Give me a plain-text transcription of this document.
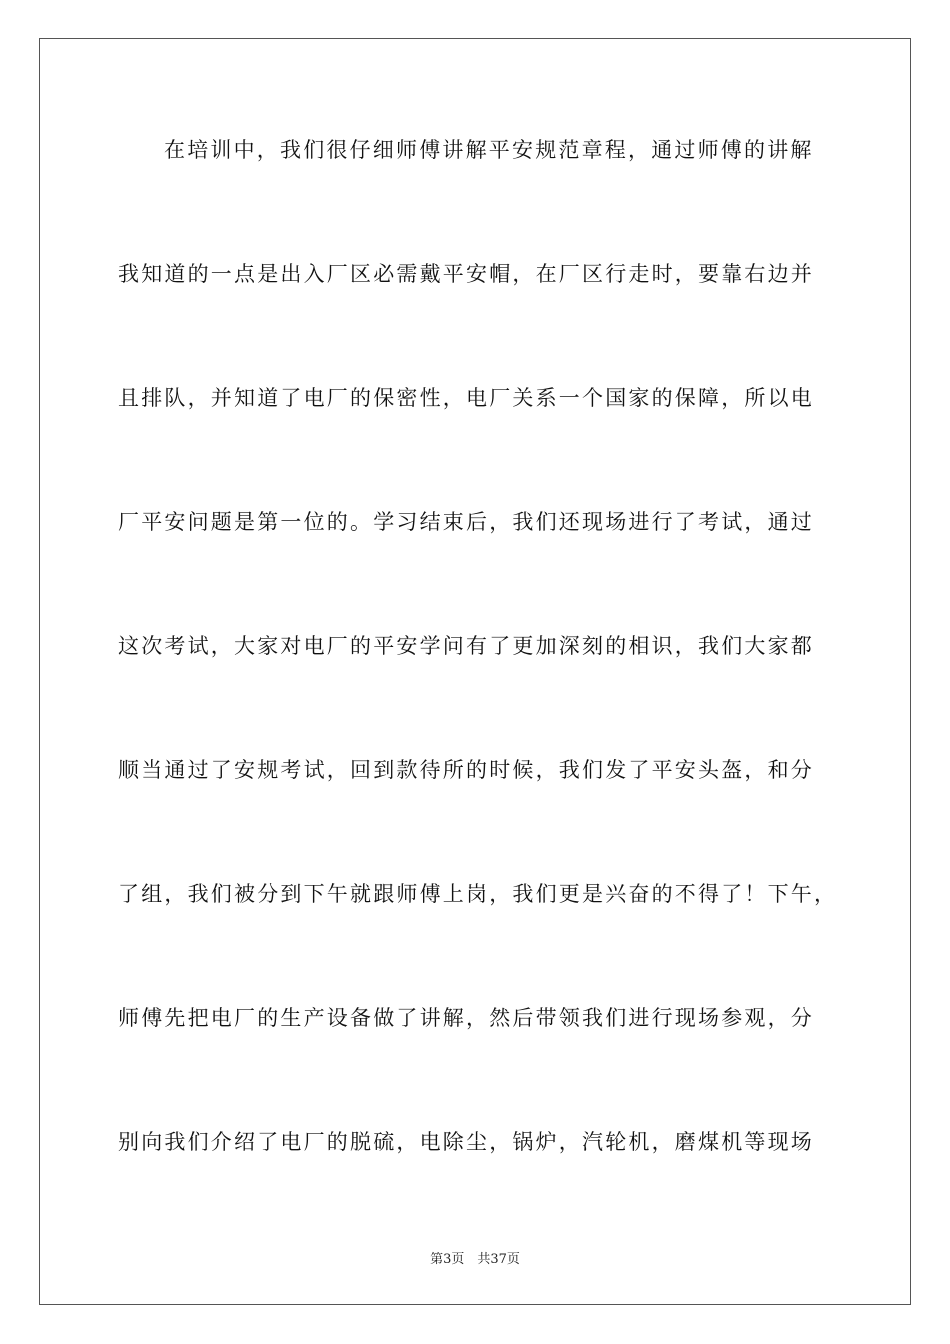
在培训中，我们很仔细师傅讲解平安规范章程，通过师傅的讲解
我知道的一点是出入厂区必需戴平安帽，在厂区行走时，要靠右边并
且排队，并知道了电厂的保密性，电厂关系一个国家的保障，所以电
厂平安问题是第一位的。学习结束后，我们还现场进行了考试，通过
这次考试，大家对电厂的平安学问有了更加深刻的相识，我们大家都
顺当通过了安规考试，回到款待所的时候，我们发了平安头盔，和分
了组，我们被分到下午就跟师傅上岗，我们更是兴奋的不得了！下午，
师傅先把电厂的生产设备做了讲解，然后带领我们进行现场参观，分
别向我们介绍了电厂的脱硫，电除尘，锅炉，汽轮机，磨煤机等现场
第3页　共37页
